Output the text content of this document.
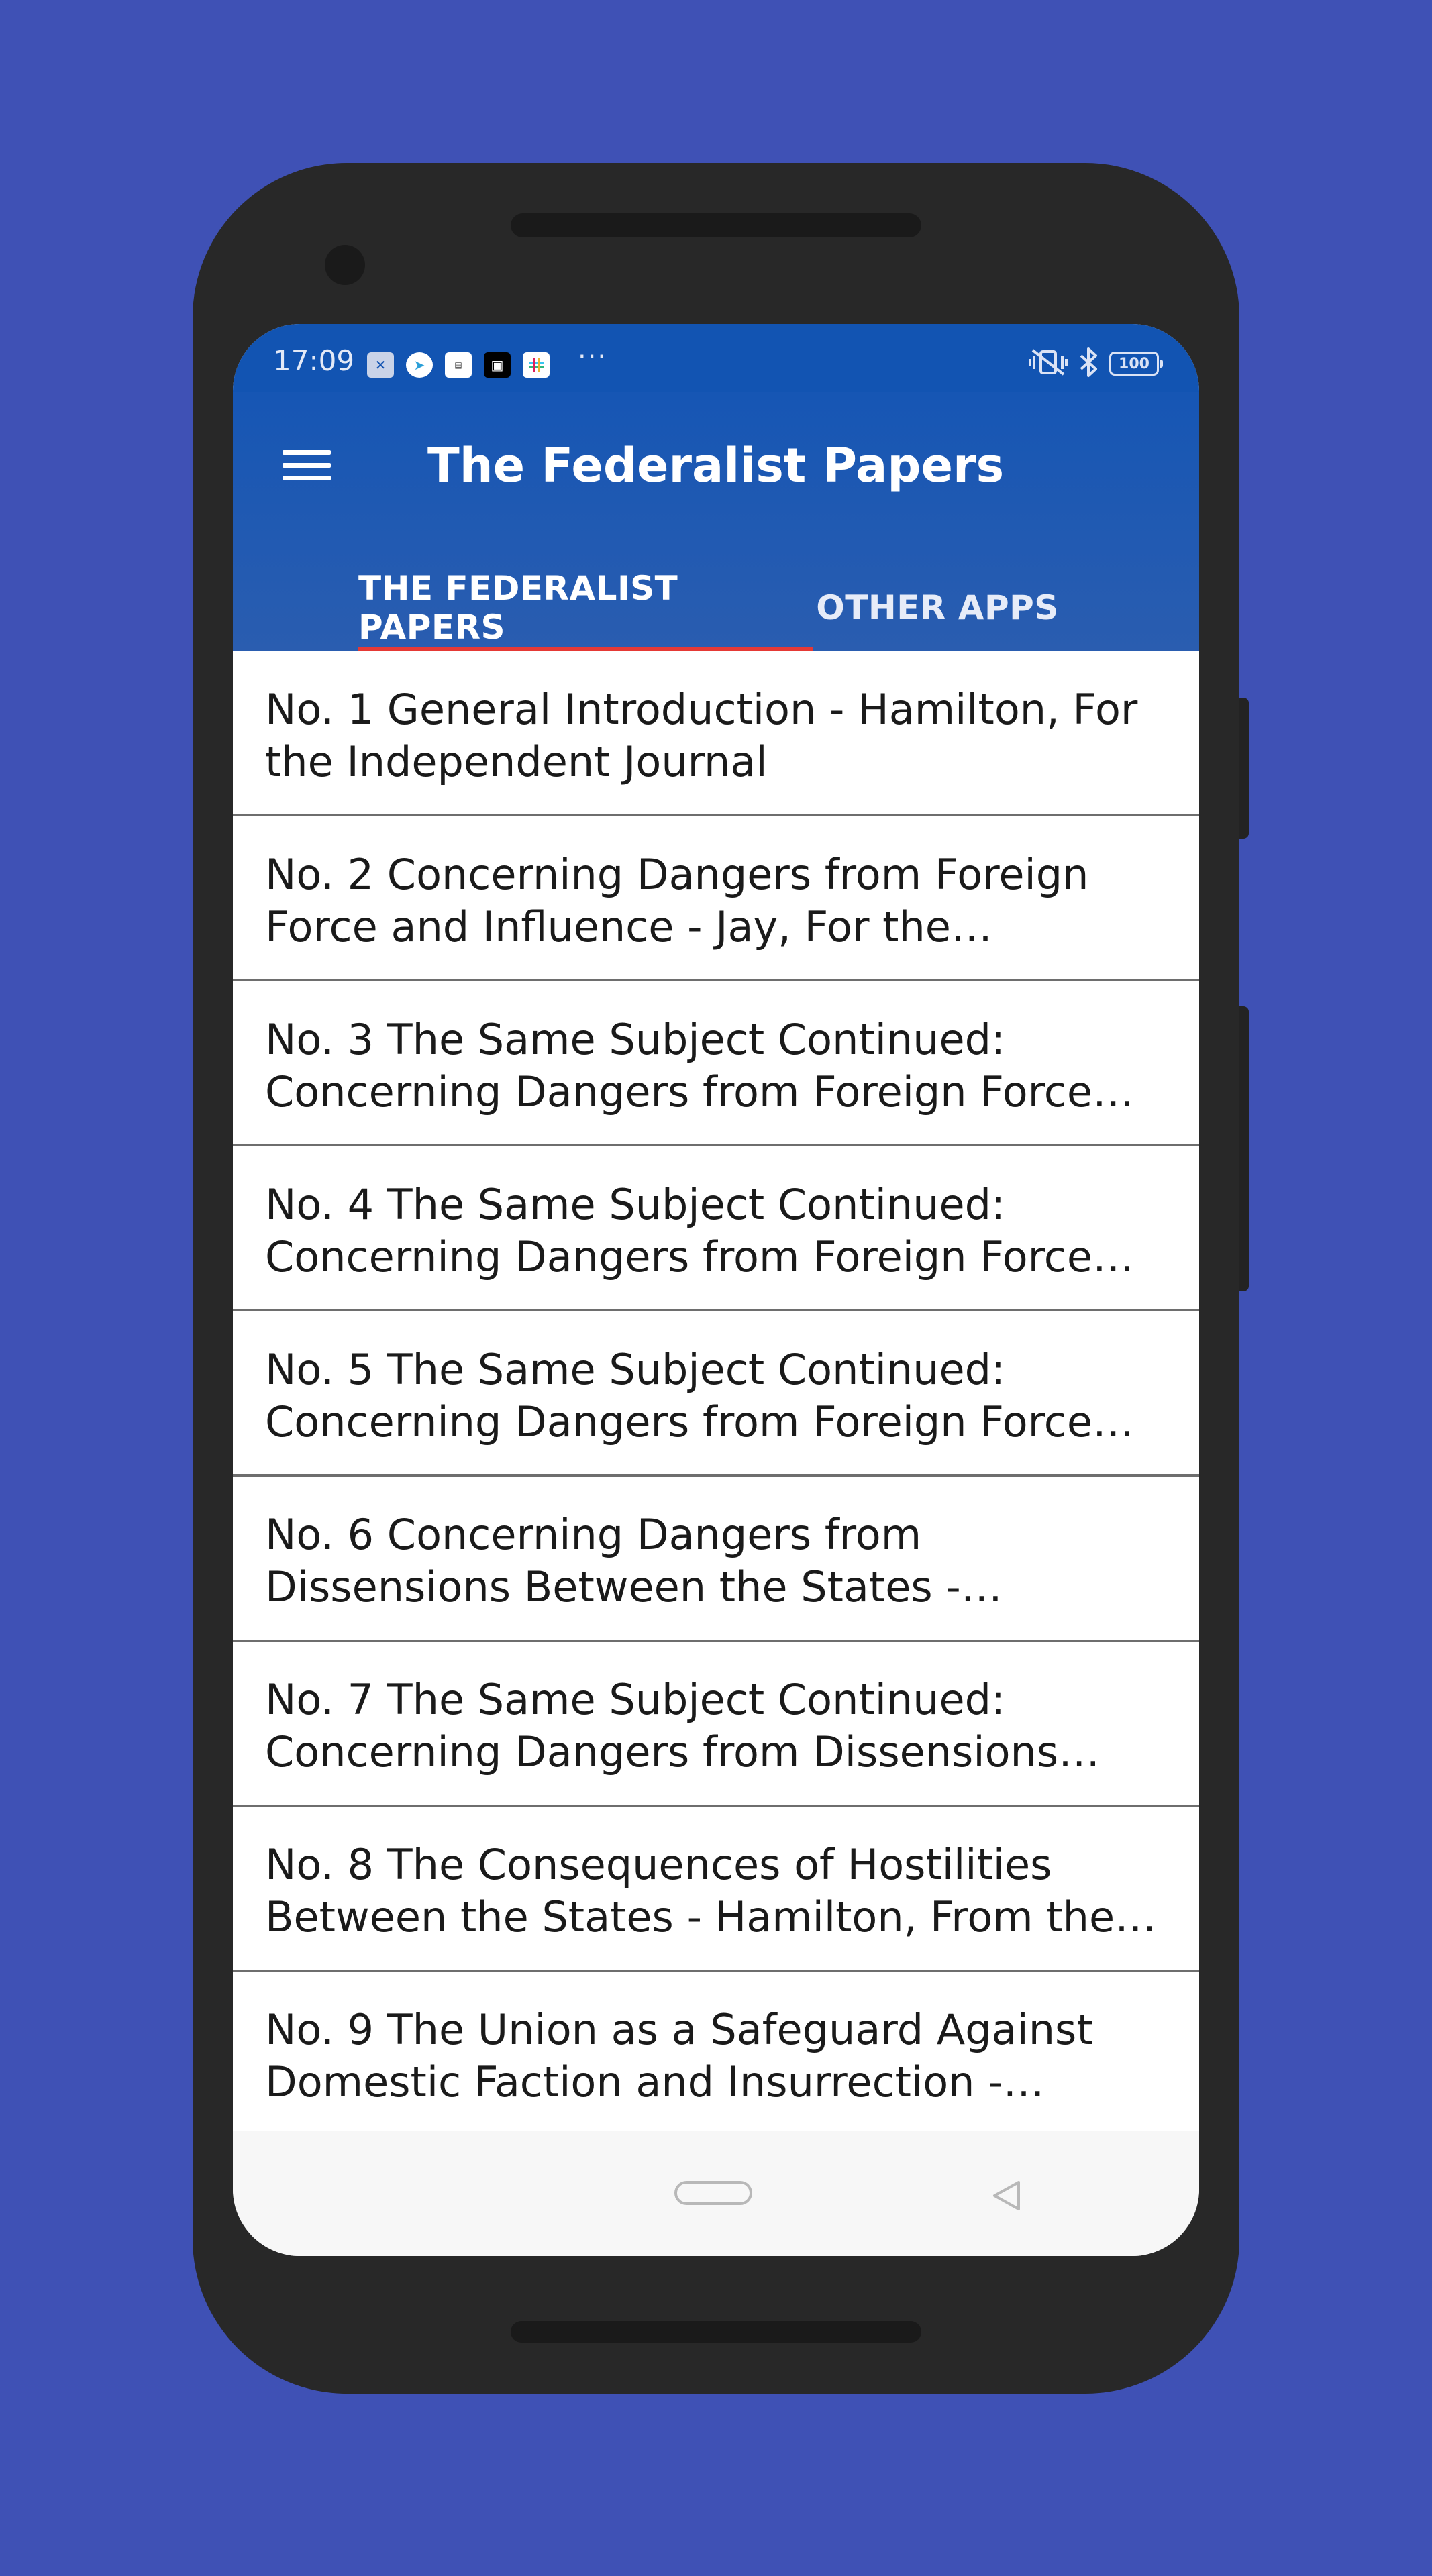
17:09	✕	➤	▤	▣	···	100
The Federalist Papers
THE FEDERALIST PAPERS	OTHER APPS
No. 1 General Introduction - Hamilton, For the Independent Journal
No. 2 Concerning Dangers from Foreign Force and Influence - Jay, For the
No. 3 The Same Subject Continued: Concerning Dangers from Foreign Force
No. 4 The Same Subject Continued: Concerning Dangers from Foreign Force
No. 5 The Same Subject Continued: Concerning Dangers from Foreign Force
No. 6 Concerning Dangers from Dissensions Between the States -
No. 7 The Same Subject Continued: Concerning Dangers from Dissensions
No. 8 The Consequences of Hostilities Between the States - Hamilton, From the
No. 9 The Union as a Safeguard Against Domestic Faction and Insurrection -
